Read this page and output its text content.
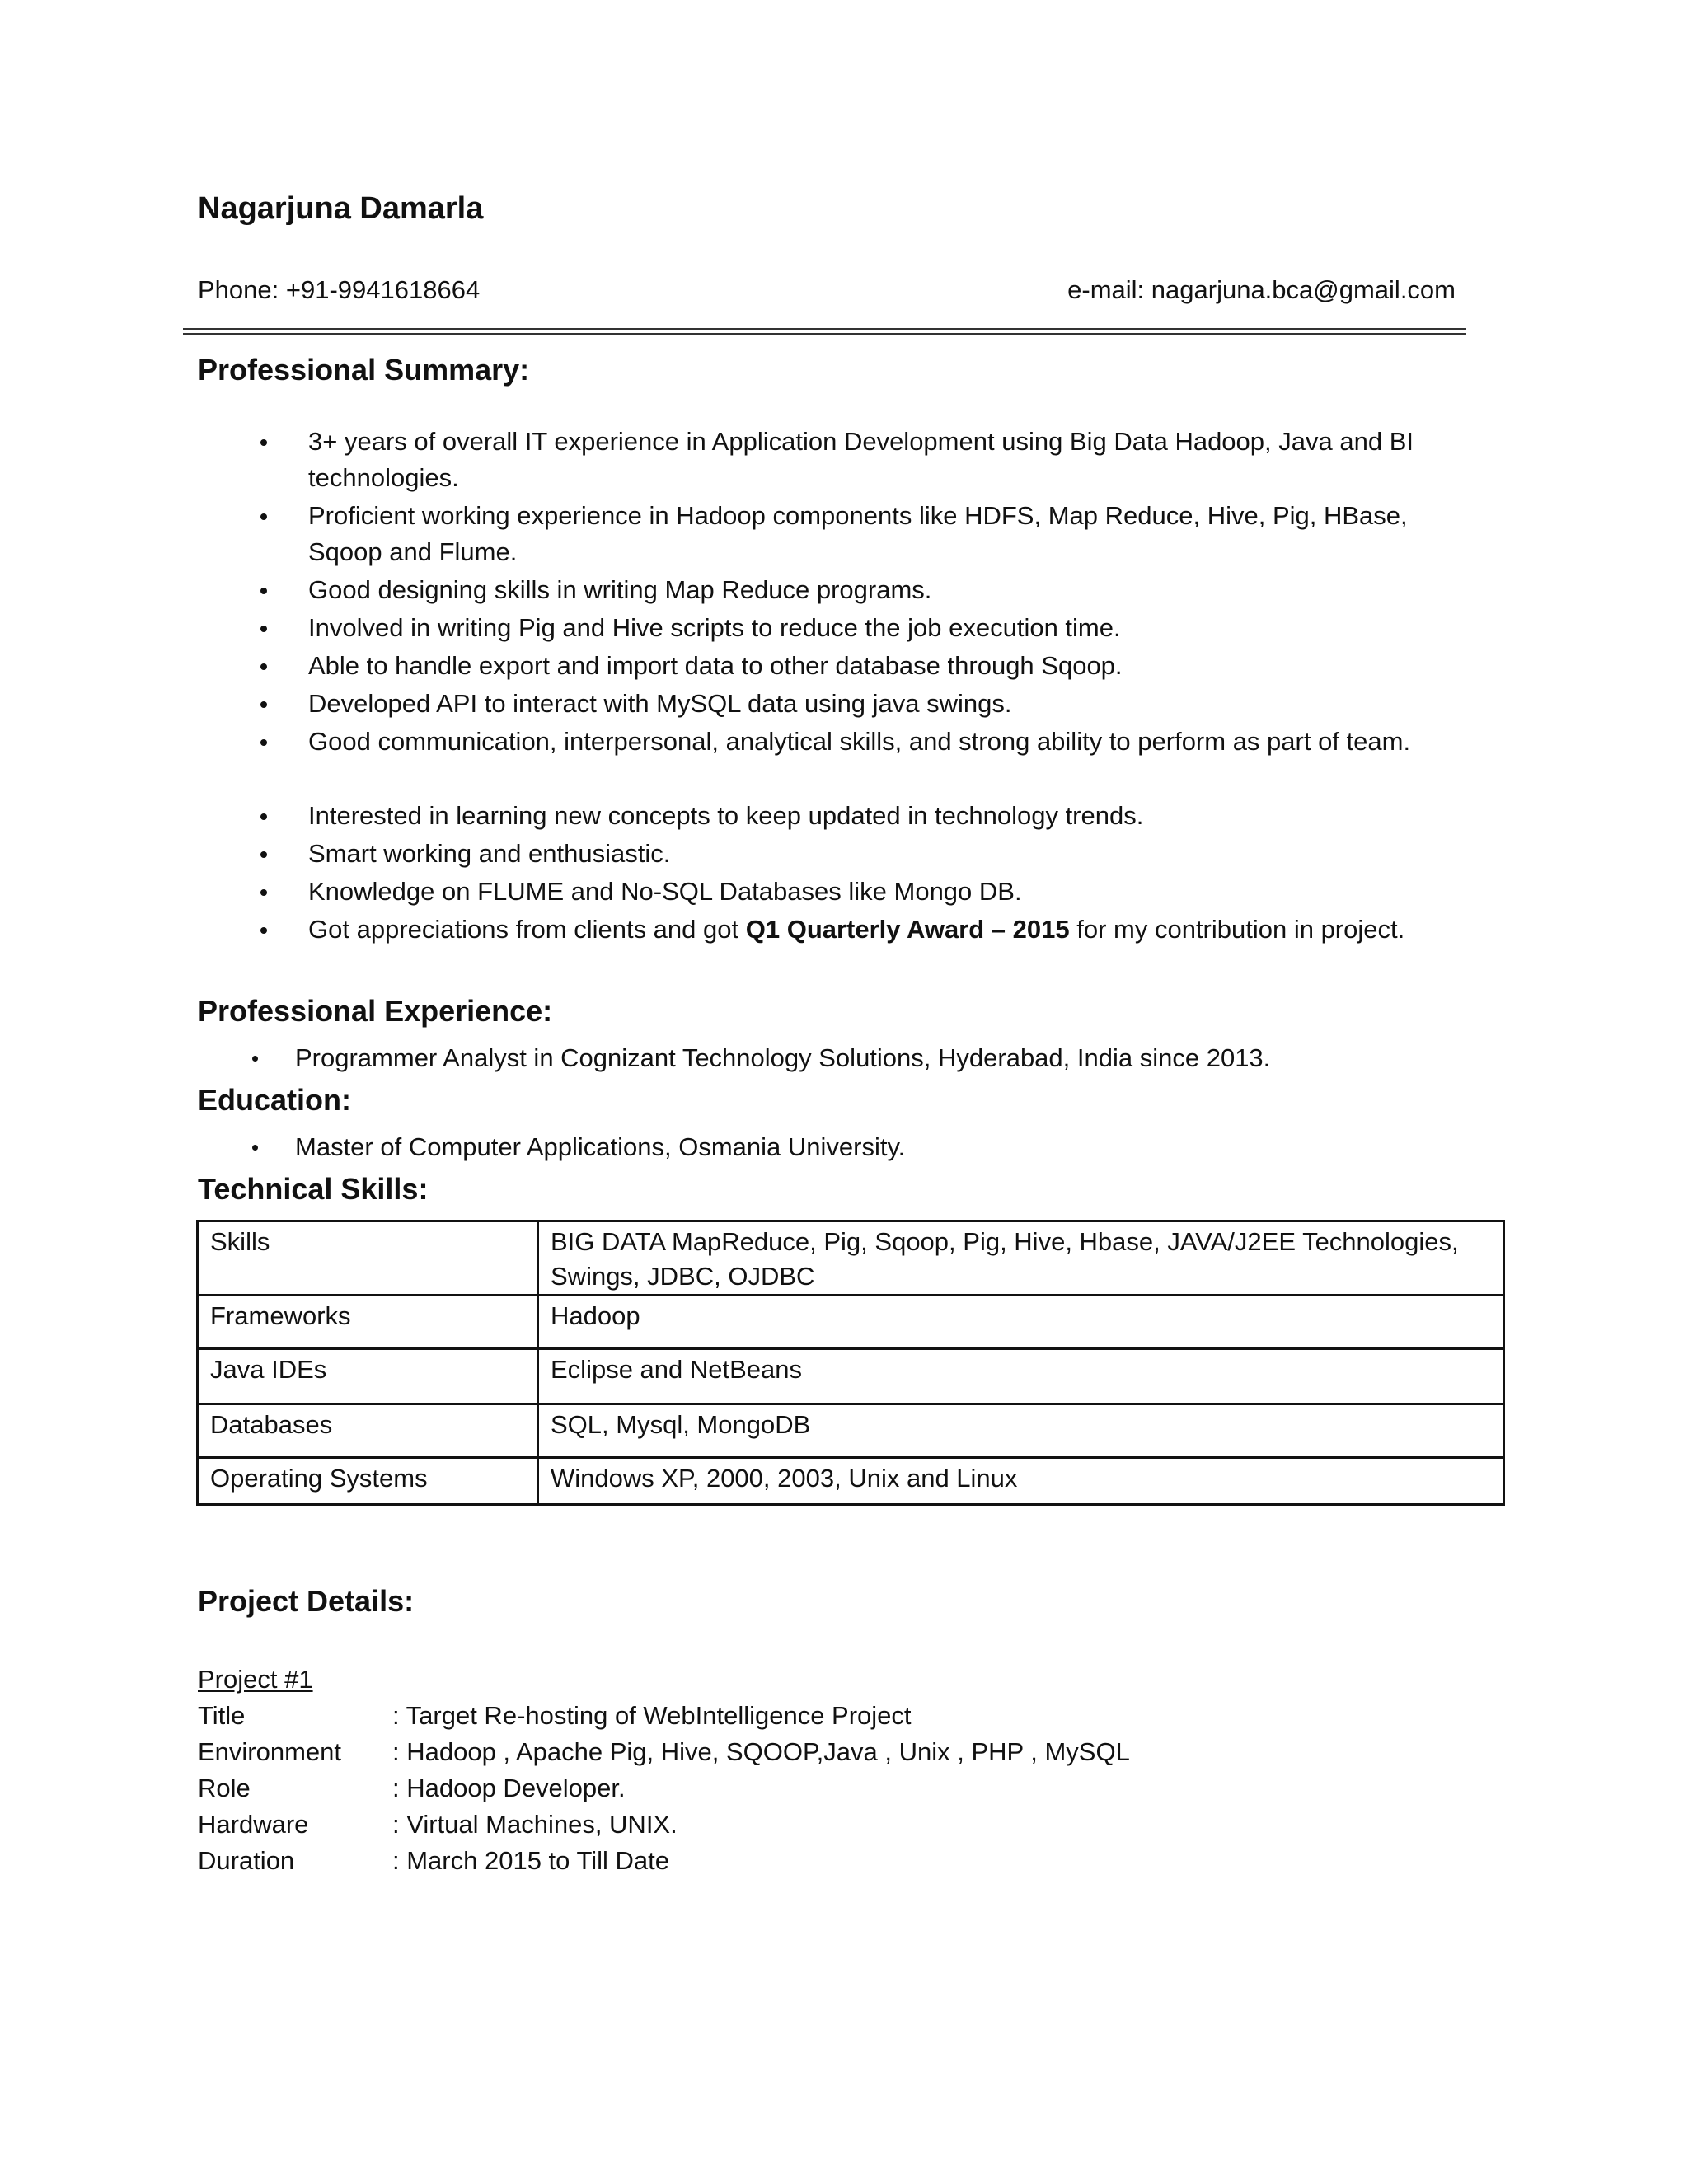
Nagarjuna Damarla
Phone: +91-9941618664	e-mail: nagarjuna.bca@gmail.com
Professional Summary:
3+ years of overall IT experience in Application Development using Big Data Hadoop, Java and BI technologies.
Proficient working experience in Hadoop components like HDFS, Map Reduce, Hive, Pig, HBase, Sqoop and Flume.
Good designing skills in writing Map Reduce programs.
Involved in writing Pig and Hive scripts to reduce the job execution time.
Able to handle export and import data to other database through Sqoop.
Developed API to interact with MySQL data using java swings.
Good communication, interpersonal, analytical skills, and strong ability to perform as part of team.
Interested in learning new concepts to keep updated in technology trends.
Smart working and enthusiastic.
Knowledge on FLUME and No-SQL Databases like Mongo DB.
Got appreciations from clients and got Q1 Quarterly Award – 2015 for my contribution in project.
Professional Experience:
Programmer Analyst in Cognizant Technology Solutions, Hyderabad, India since 2013.
Education:
Master of Computer Applications, Osmania University.
Technical Skills:
Skills	BIG DATA MapReduce, Pig, Sqoop, Pig, Hive, Hbase, JAVA/J2EE Technologies, Swings, JDBC, OJDBC
Frameworks	Hadoop
Java IDEs	Eclipse and NetBeans
Databases	SQL, Mysql, MongoDB
Operating Systems	Windows XP, 2000, 2003, Unix and Linux
Project Details:
Project #1
Title	: Target Re-hosting of WebIntelligence Project
Environment : Hadoop , Apache Pig, Hive, SQOOP,Java , Unix , PHP , MySQL
Role	: Hadoop Developer.
Hardware	: Virtual Machines, UNIX.
Duration	: March 2015 to Till Date
